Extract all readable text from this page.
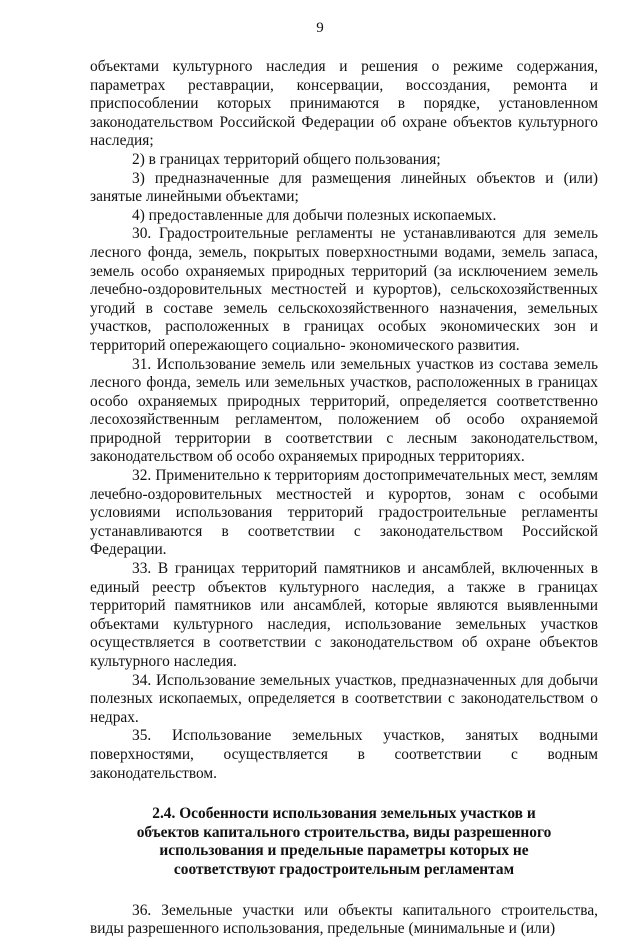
9

объектами культурного наследия и решения о режиме содержания, параметрах реставрации, консервации, воссоздания, ремонта и приспособлении которых принимаются в порядке, установленном законодательством Российской Федерации об охране объектов культурного наследия;

2) в границах территорий общего пользования;

3) предназначенные для размещения линейных объектов и (или) занятые линейными объектами;

4) предоставленные для добычи полезных ископаемых.

30. Градостроительные регламенты не устанавливаются для земель лесного фонда, земель, покрытых поверхностными водами, земель запаса, земель особо охраняемых природных территорий (за исключением земель лечебно-оздоровительных местностей и курортов), сельскохозяйственных угодий в составе земель сельскохозяйственного назначения, земельных участков, расположенных в границах особых экономических зон и территорий опережающего социально- экономического развития.

31. Использование земель или земельных участков из состава земель лесного фонда, земель или земельных участков, расположенных в границах особо охраняемых природных территорий, определяется соответственно лесохозяйственным регламентом, положением об особо охраняемой природной территории в соответствии с лесным законодательством, законодательством об особо охраняемых природных территориях.

32. Применительно к территориям достопримечательных мест, землям лечебно-оздоровительных местностей и курортов, зонам с особыми условиями использования территорий градостроительные регламенты устанавливаются в соответствии с законодательством Российской Федерации.

33. В границах территорий памятников и ансамблей, включенных в единый реестр объектов культурного наследия, а также в границах территорий памятников или ансамблей, которые являются выявленными объектами культурного наследия, использование земельных участков осуществляется в соответствии с законодательством об охране объектов культурного наследия.

34. Использование земельных участков, предназначенных для добычи полезных ископаемых, определяется в соответствии с законодательством о недрах.

35. Использование земельных участков, занятых водными поверхностями, осуществляется в соответствии с водным законодательством.

2.4. Особенности использования земельных участков и объектов капитального строительства, виды разрешенного использования и предельные параметры которых не соответствуют градостроительным регламентам

36. Земельные участки или объекты капитального строительства, виды разрешенного использования, предельные (минимальные и (или)
